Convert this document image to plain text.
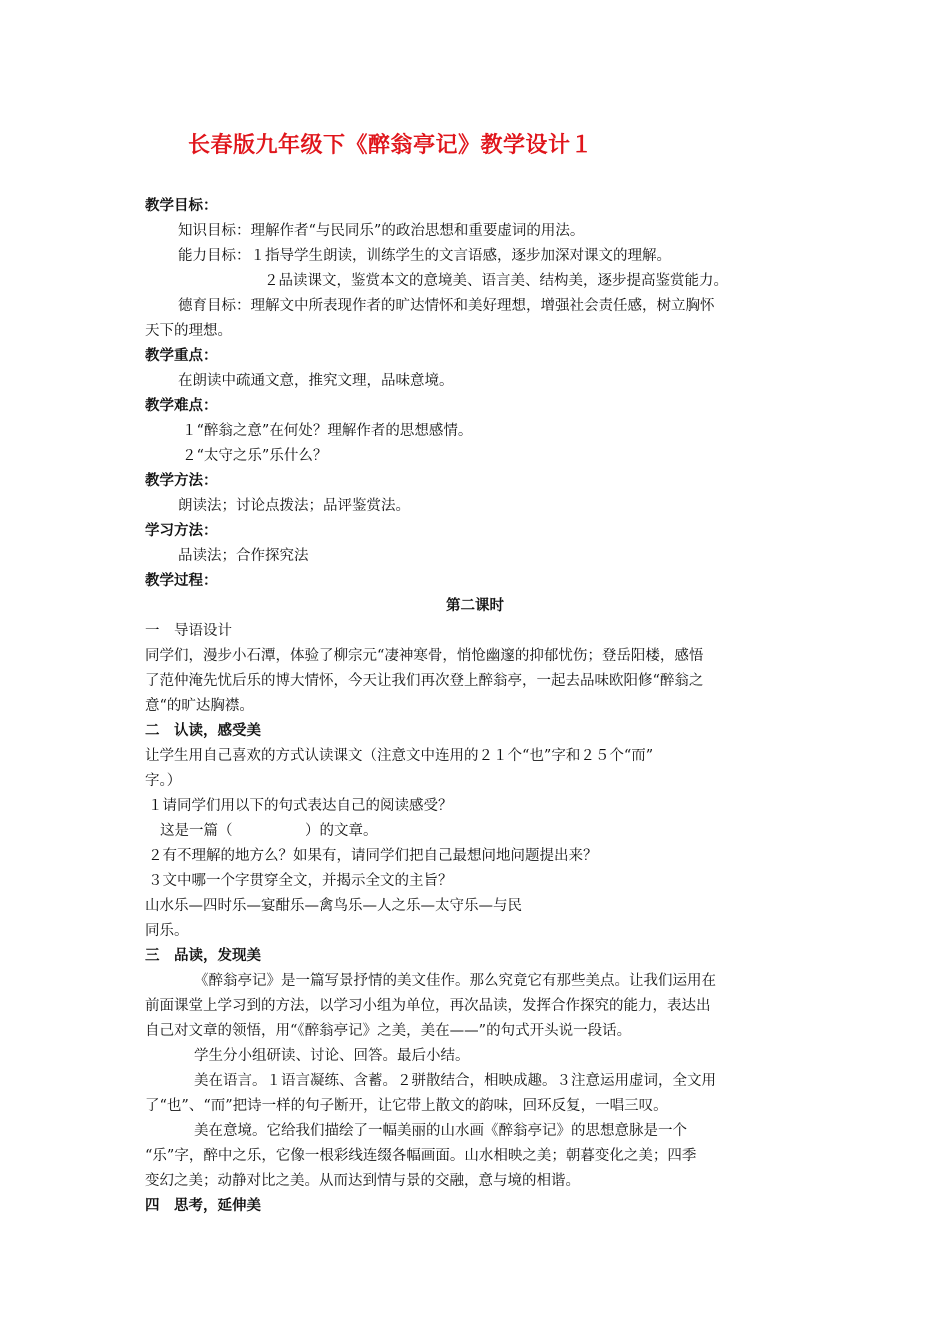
长春版九年级下《醉翁亭记》教学设计１
教学目标：
知识目标：理解作者“与民同乐”的政治思想和重要虚词的用法。
能力目标：１指导学生朗读，训练学生的文言语感，逐步加深对课文的理解。
２品读课文，鉴赏本文的意境美、语言美、结构美，逐步提高鉴赏能力。
德育目标：理解文中所表现作者的旷达情怀和美好理想，增强社会责任感，树立胸怀
天下的理想。
教学重点：
在朗读中疏通文意，推究文理，品味意境。
教学难点：
１“醉翁之意”在何处？理解作者的思想感情。
２“太守之乐”乐什么？
教学方法：
朗读法；讨论点拨法；品评鉴赏法。
学习方法：
品读法；合作探究法
教学过程：
第二课时
一　导语设计
同学们，漫步小石潭，体验了柳宗元“凄神寒骨，悄怆幽邃的抑郁忧伤；登岳阳楼，感悟
了范仲淹先忧后乐的博大情怀，今天让我们再次登上醉翁亭，一起去品味欧阳修“醉翁之
意“的旷达胸襟。
二　认读，感受美
让学生用自己喜欢的方式认读课文（注意文中连用的２１个“也”字和２５个“而”
字。）
１请同学们用以下的句式表达自己的阅读感受？
这是一篇（　　　　　）的文章。
２有不理解的地方么？如果有，请同学们把自己最想问地问题提出来？
３文中哪一个字贯穿全文，并揭示全文的主旨？
山水乐—四时乐—宴酣乐—禽鸟乐—人之乐—太守乐—与民
同乐。
三　品读，发现美
《醉翁亭记》是一篇写景抒情的美文佳作。那么究竟它有那些美点。让我们运用在
前面课堂上学习到的方法，以学习小组为单位，再次品读，发挥合作探究的能力，表达出
自己对文章的领悟，用“《醉翁亭记》之美，美在——”的句式开头说一段话。
学生分小组研读、讨论、回答。最后小结。
美在语言。１语言凝练、含蓄。２骈散结合，相映成趣。３注意运用虚词，全文用
了“也”、“而”把诗一样的句子断开，让它带上散文的韵味，回环反复，一唱三叹。
美在意境。它给我们描绘了一幅美丽的山水画《醉翁亭记》的思想意脉是一个
“乐”字，醉中之乐，它像一根彩线连缀各幅画面。山水相映之美；朝暮变化之美；四季
变幻之美；动静对比之美。从而达到情与景的交融，意与境的相谐。
四　思考，延伸美
